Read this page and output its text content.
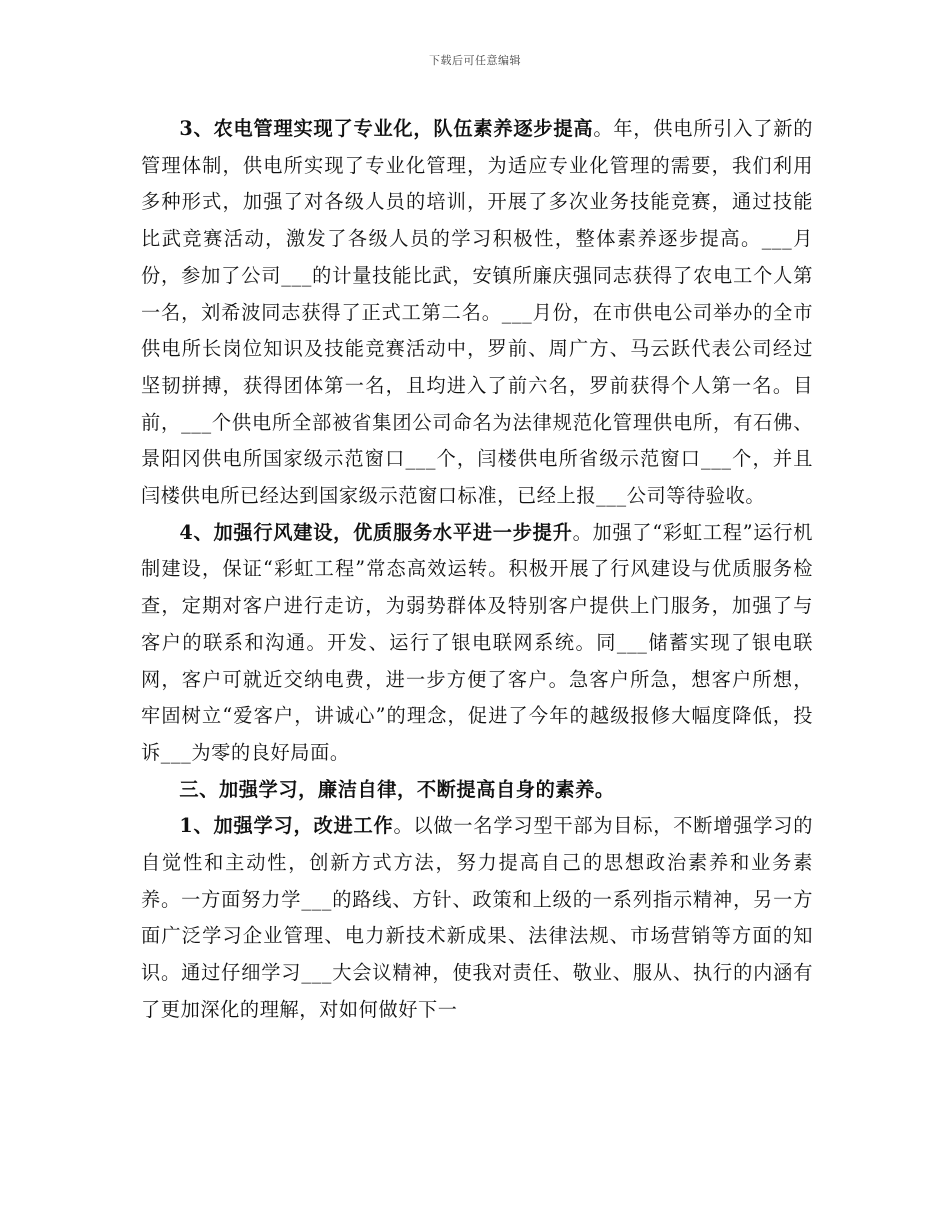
下载后可任意编辑

3、农电管理实现了专业化，队伍素养逐步提高。年，供电所引入了新的管理体制，供电所实现了专业化管理，为适应专业化管理的需要，我们利用多种形式，加强了对各级人员的培训，开展了多次业务技能竞赛，通过技能比武竞赛活动，激发了各级人员的学习积极性，整体素养逐步提高。___月份，参加了公司___的计量技能比武，安镇所廉庆强同志获得了农电工个人第一名，刘希波同志获得了正式工第二名。___月份，在市供电公司举办的全市供电所长岗位知识及技能竞赛活动中，罗前、周广方、马云跃代表公司经过坚韧拼搏，获得团体第一名，且均进入了前六名，罗前获得个人第一名。目前，___个供电所全部被省集团公司命名为法律规范化管理供电所，有石佛、景阳冈供电所国家级示范窗口___个，闫楼供电所省级示范窗口___个，并且闫楼供电所已经达到国家级示范窗口标准，已经上报___公司等待验收。

4、加强行风建设，优质服务水平进一步提升。加强了“彩虹工程”运行机制建设，保证“彩虹工程”常态高效运转。积极开展了行风建设与优质服务检查，定期对客户进行走访，为弱势群体及特别客户提供上门服务，加强了与客户的联系和沟通。开发、运行了银电联网系统。同___储蓄实现了银电联网，客户可就近交纳电费，进一步方便了客户。急客户所急，想客户所想，牢固树立“爱客户，讲诚心”的理念，促进了今年的越级报修大幅度降低，投诉___为零的良好局面。

三、加强学习，廉洁自律，不断提高自身的素养。

1、加强学习，改进工作。以做一名学习型干部为目标，不断增强学习的自觉性和主动性，创新方式方法，努力提高自己的思想政治素养和业务素养。一方面努力学___的路线、方针、政策和上级的一系列指示精神，另一方面广泛学习企业管理、电力新技术新成果、法律法规、市场营销等方面的知识。通过仔细学习___大会议精神，使我对责任、敬业、服从、执行的内涵有了更加深化的理解，对如何做好下一
